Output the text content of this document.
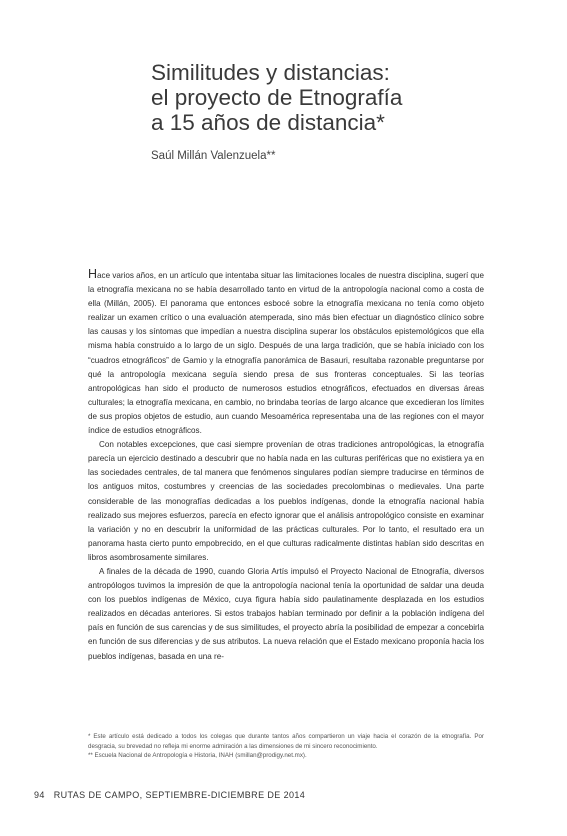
Similitudes y distancias:
el proyecto de Etnografía
a 15 años de distancia*
Saúl Millán Valenzuela**

Hace varios años, en un artículo que intentaba situar las limitaciones locales de nuestra disciplina, sugerí que la etnografía mexicana no se había desarrollado tanto en virtud de la antropología nacional como a costa de ella (Millán, 2005). El panorama que entonces esbocé sobre la etnografía mexicana no tenía como objeto realizar un examen crítico o una evaluación atemperada, sino más bien efectuar un diagnóstico clínico sobre las causas y los síntomas que impedían a nuestra disciplina superar los obstáculos epistemológicos que ella misma había construido a lo largo de un siglo. Después de una larga tradición, que se había iniciado con los “cuadros etnográficos” de Gamio y la etnografía panorámica de Basauri, resultaba razonable preguntarse por qué la antropología mexicana seguía siendo presa de sus fronteras conceptuales. Si las teorías antropológicas han sido el producto de numerosos estudios etnográficos, efectuados en diversas áreas culturales; la etnografía mexicana, en cambio, no brindaba teorías de largo alcance que excedieran los límites de sus propios objetos de estudio, aun cuando Mesoamérica representaba una de las regiones con el mayor índice de estudios etnográficos.

Con notables excepciones, que casi siempre provenían de otras tradiciones antropológicas, la etnografía parecía un ejercicio destinado a descubrir que no había nada en las culturas periféricas que no existiera ya en las sociedades centrales, de tal manera que fenómenos singulares podían siempre traducirse en términos de los antiguos mitos, costumbres y creencias de las sociedades precolombinas o medievales. Una parte considerable de las monografías dedicadas a los pueblos indígenas, donde la etnografía nacional había realizado sus mejores esfuerzos, parecía en efecto ignorar que el análisis antropológico consiste en examinar la variación y no en descubrir la uniformidad de las prácticas culturales. Por lo tanto, el resultado era un panorama hasta cierto punto empobrecido, en el que culturas radicalmente distintas habían sido descritas en libros asombrosamente similares.

A finales de la década de 1990, cuando Gloria Artís impulsó el Proyecto Nacional de Etnografía, diversos antropólogos tuvimos la impresión de que la antropología nacional tenía la oportunidad de saldar una deuda con los pueblos indígenas de México, cuya figura había sido paulatinamente desplazada en los estudios realizados en décadas anteriores. Si estos trabajos habían terminado por definir a la población indígena del país en función de sus carencias y de sus similitudes, el proyecto abría la posibilidad de empezar a concebirla en función de sus diferencias y de sus atributos. La nueva relación que el Estado mexicano proponía hacia los pueblos indígenas, basada en una re-

* Este artículo está dedicado a todos los colegas que durante tantos años compartieron un viaje hacia el corazón de la etnografía. Por desgracia, su brevedad no refleja mi enorme admiración a las dimensiones de mi sincero reconocimiento.

** Escuela Nacional de Antropología e Historia, INAH (smillan@prodigy.net.mx).

94 RUTAS DE CAMPO, SEPTIEMBRE-DICIEMBRE DE 2014
